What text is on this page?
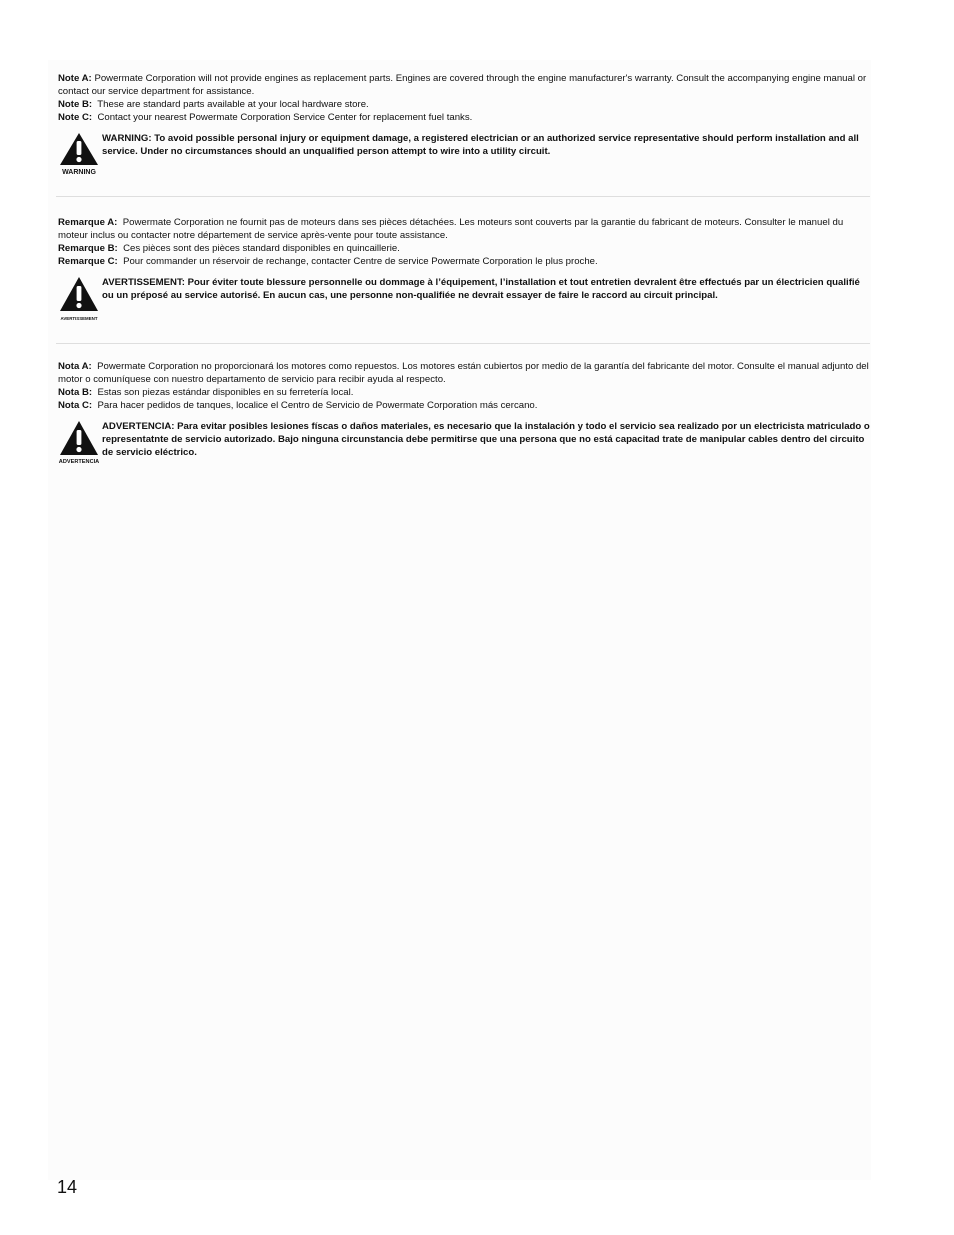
Note A: Powermate Corporation will not provide engines as replacement parts. Engines are covered through the engine manufacturer's warranty. Consult the accompanying engine manual or contact our service department for assistance.

Note B: These are standard parts available at your local hardware store.

Note C: Contact your nearest Powermate Corporation Service Center for replacement fuel tanks.

WARNING
WARNING: To avoid possible personal injury or equipment damage, a registered electrician or an authorized service representative should perform installation and all service. Under no circumstances should an unqualified person attempt to wire into a utility circuit.

Remarque A: Powermate Corporation ne fournit pas de moteurs dans ses pièces détachées. Les moteurs sont couverts par la garantie du fabricant de moteurs. Consulter le manuel du moteur inclus ou contacter notre département de service après-vente pour toute assistance.

Remarque B: Ces pièces sont des pièces standard disponibles en quincaillerie.

Remarque C: Pour commander un réservoir de rechange, contacter Centre de service Powermate Corporation le plus proche.

AVERTISSEMENT
AVERTISSEMENT: Pour éviter toute blessure personnelle ou dommage à l’équipement, l’installation et tout entretien devralent être effectués par un électricien qualifié ou un préposé au service autorisé. En aucun cas, une personne non-qualifiée ne devrait essayer de faire le raccord au circuit principal.

Nota A: Powermate Corporation no proporcionará los motores como repuestos. Los motores están cubiertos por medio de la garantía del fabricante del motor. Consulte el manual adjunto del motor o comuníquese con nuestro departamento de servicio para recibir ayuda al respecto.

Nota B: Estas son piezas estándar disponibles en su ferretería local.

Nota C: Para hacer pedidos de tanques, localice el Centro de Servicio de Powermate Corporation más cercano.

ADVERTENCIA
ADVERTENCIA: Para evitar posibles lesiones físcas o daños materiales, es necesario que la instalación y todo el servicio sea realizado por un electricista matriculado o representatnte de servicio autorizado. Bajo ninguna circunstancia debe permitirse que una persona que no está capacitad trate de manipular cables dentro del circuito de servicio eléctrico.
14
